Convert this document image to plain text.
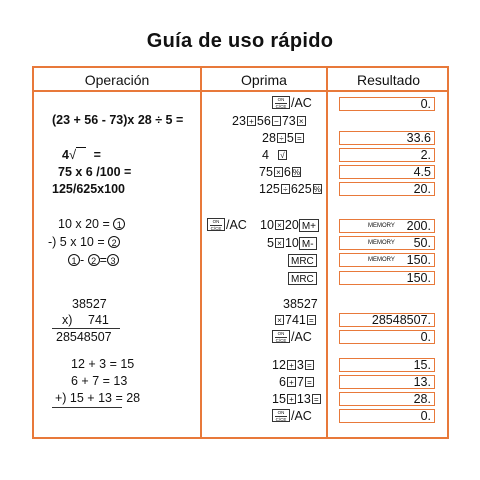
Guía de uso rápido
Operación	Oprima	Resultado
(23 + 56 - 73)x 28 ÷ 5 =
4√ =
75 x 6 /100 =
125/625x100
$\frac{ON}{C/CE} /AC$
23 + 56 − 73 ×
28 ÷ 5 =
4 √
75 × 6 %
125 ÷ 625 %
0.
33.6
2.
4.5
20.
10 x 20 = 1
-) 5 x 10 = 2
1 - 2 = 3
$\frac{ON}{C/CE} /AC$ 10 × 20 M+
5 × 10 M-
MRC
MRC
MEMORY 200.
MEMORY 50.
MEMORY 150.
150.
38527
x) 741
28548507
38527
× 741 =
$\frac{ON}{C/CE} /AC$
28548507.
0.
12 + 3 = 15
6 + 7 = 13
+) 15 + 13 = 28
12 + 3 =
6 + 7 =
15 + 13 =
$\frac{ON}{C/CE} /AC$
15.
13.
28.
0.
